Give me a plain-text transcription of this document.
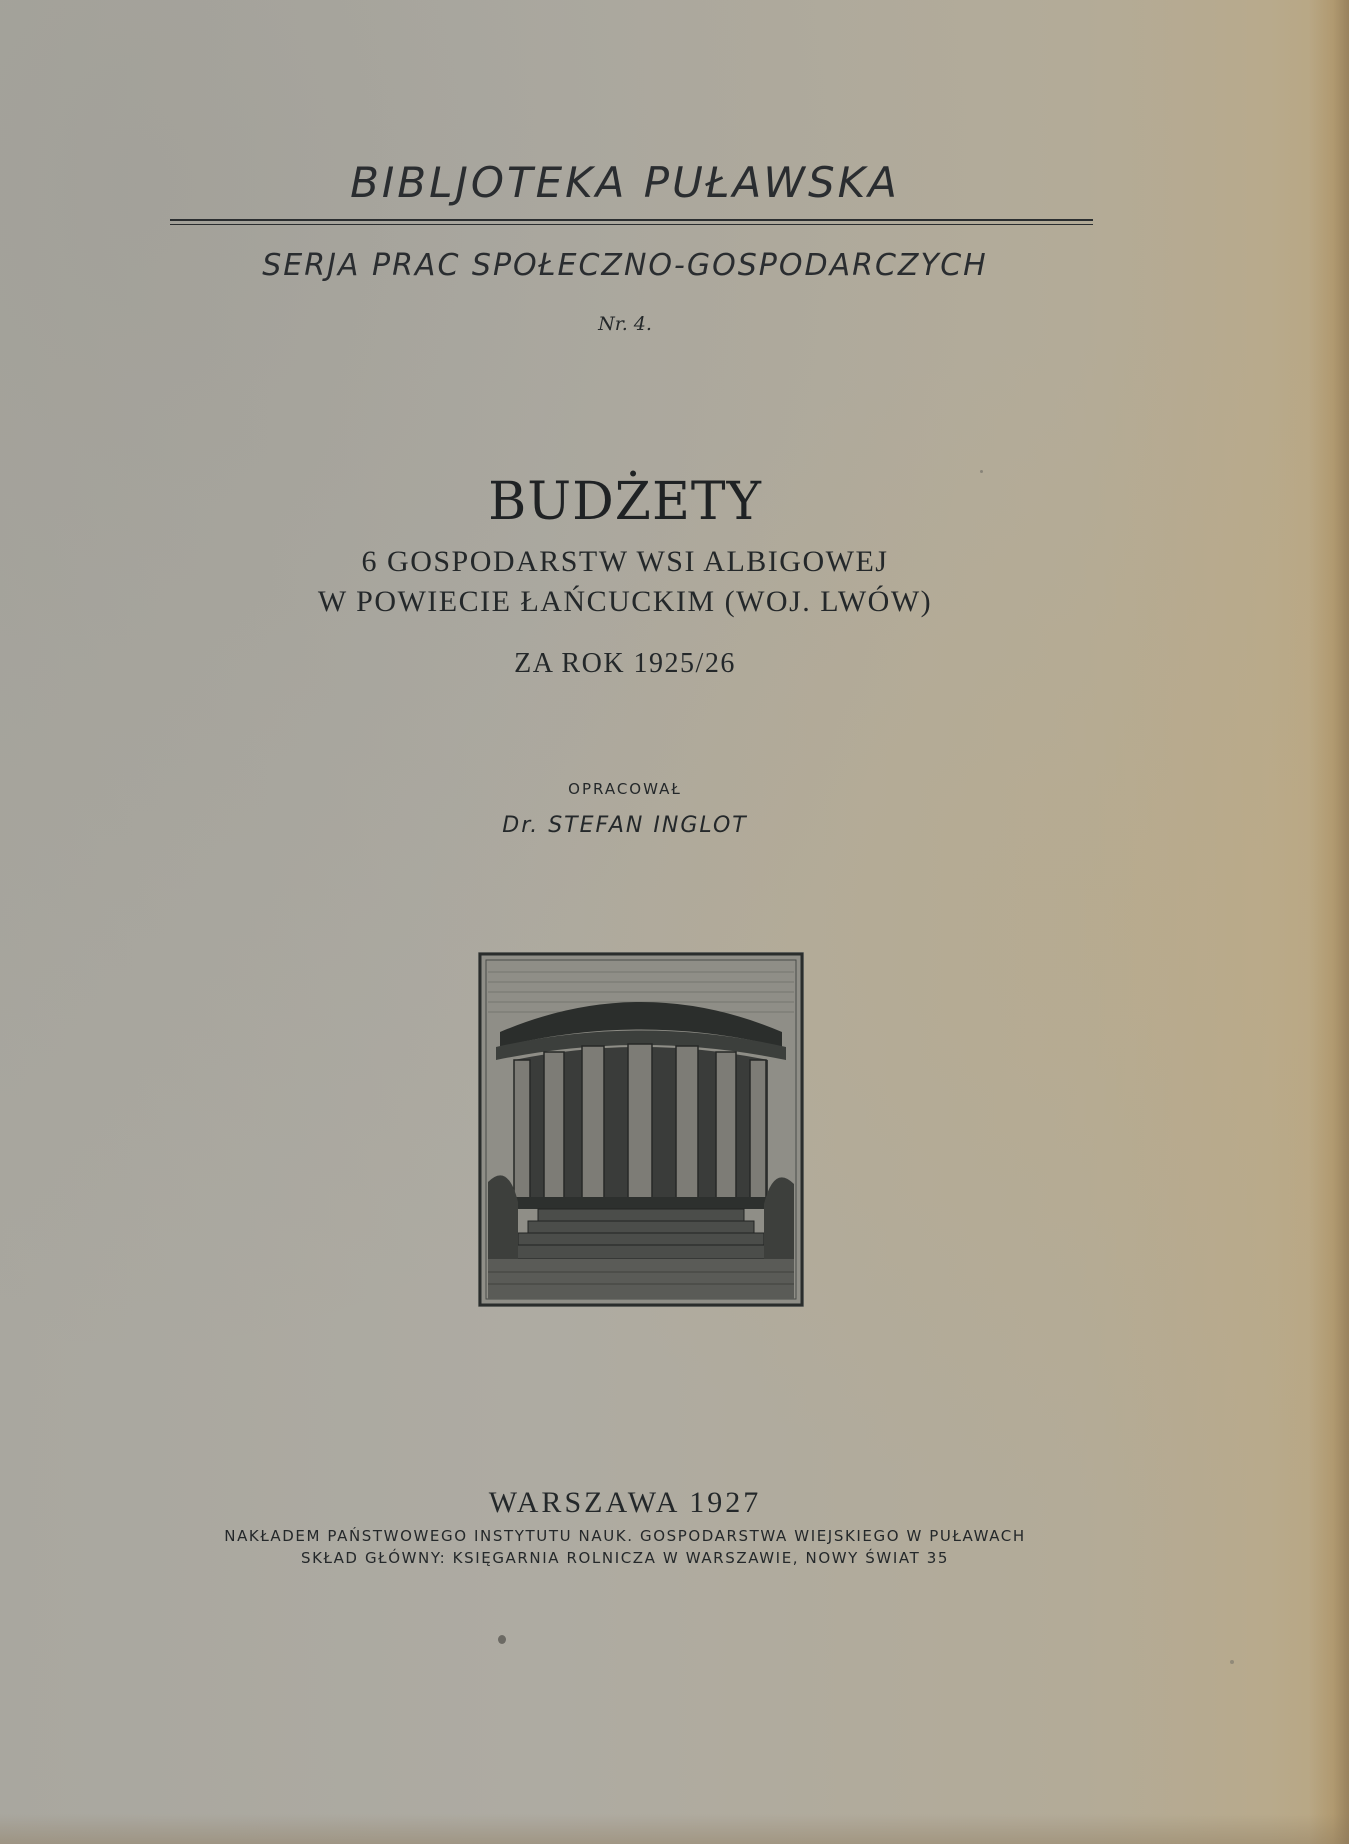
BIBLJOTEKA PUŁAWSKA
SERJA PRAC SPOŁECZNO-GOSPODARCZYCH
Nr. 4.
BUDŻETY
6 GOSPODARSTW WSI ALBIGOWEJ
W POWIECIE ŁAŃCUCKIM (WOJ. LWÓW)
ZA ROK 1925/26
OPRACOWAŁ
Dr. STEFAN INGLOT
WARSZAWA 1927
NAKŁADEM PAŃSTWOWEGO INSTYTUTU NAUK. GOSPODARSTWA WIEJSKIEGO W PUŁAWACH
SKŁAD GŁÓWNY: KSIĘGARNIA ROLNICZA W WARSZAWIE, NOWY ŚWIAT 35
